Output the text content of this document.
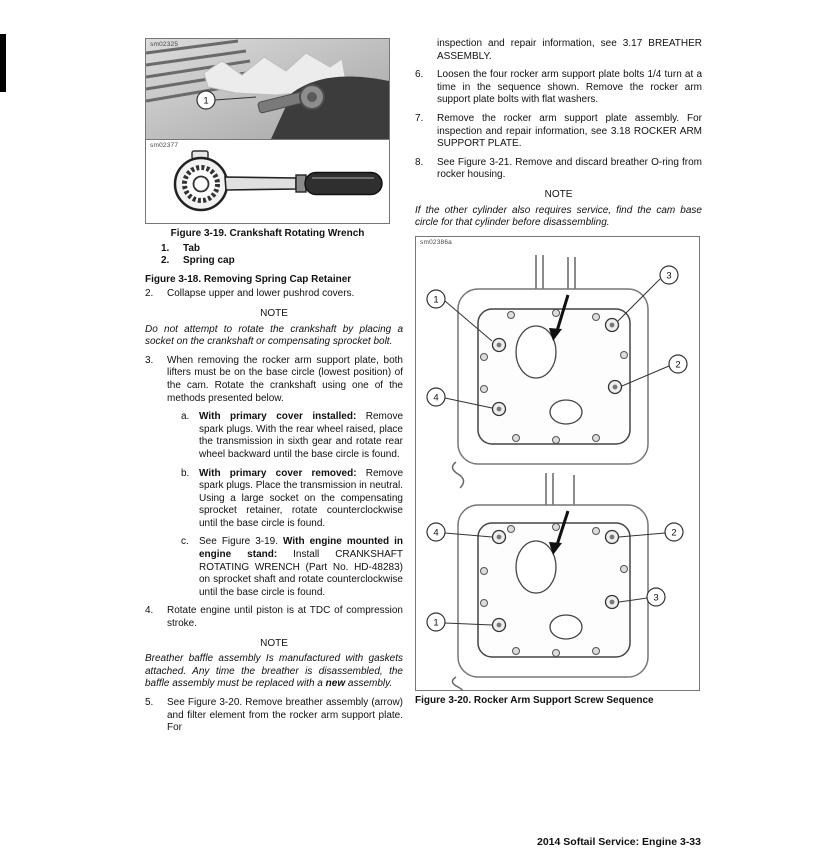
1
sm02325
sm02377
Figure 3-19. Crankshaft Rotating Wrench
1.	Tab
2.	Spring cap
Figure 3-18. Removing Spring Cap Retainer
2.	Collapse upper and lower pushrod covers.
NOTE
Do not attempt to rotate the crankshaft by placing a socket on the crankshaft or compensating sprocket bolt.
3.	When removing the rocker arm support plate, both lifters must be on the base circle (lowest position) of the cam. Rotate the crankshaft using one of the methods presented below.
a. With primary cover installed: Remove spark plugs. With the rear wheel raised, place the transmission in sixth gear and rotate rear wheel backward until the base circle is found.
b. With primary cover removed: Remove spark plugs. Place the transmission in neutral. Using a large socket on the compensating sprocket retainer, rotate counterclockwise until the base circle is found.
c.	See Figure 3-19. With engine mounted in engine stand: Install CRANKSHAFT ROTATING WRENCH (Part No. HD-48283) on sprocket shaft and rotate counterclockwise until the base circle is found.
4.	Rotate engine until piston is at TDC of compression stroke.
NOTE
Breather baffle assembly Is manufactured with gaskets attached. Any time the breather is disassembled, the baffle assembly must be replaced with a new assembly.
5.	See Figure 3-20. Remove breather assembly (arrow) and filter element from the rocker arm support plate. For
inspection and repair information, see 3.17 BREATHER ASSEMBLY.
6.	Loosen the four rocker arm support plate bolts 1/4 turn at a time in the sequence shown. Remove the rocker arm support plate bolts with flat washers.
7.	Remove the rocker arm support plate assembly. For inspection and repair information, see 3.18 ROCKER ARM SUPPORT PLATE.
8.	See Figure 3-21. Remove and discard breather O-ring from rocker housing.
NOTE
If the other cylinder also requires service, find the cam base circle for that cylinder before disassembling.
1
3
2
4
4	2
1
3
sm02386a
Figure 3-20. Rocker Arm Support Screw Sequence
2014 Softail Service: Engine 3-33
